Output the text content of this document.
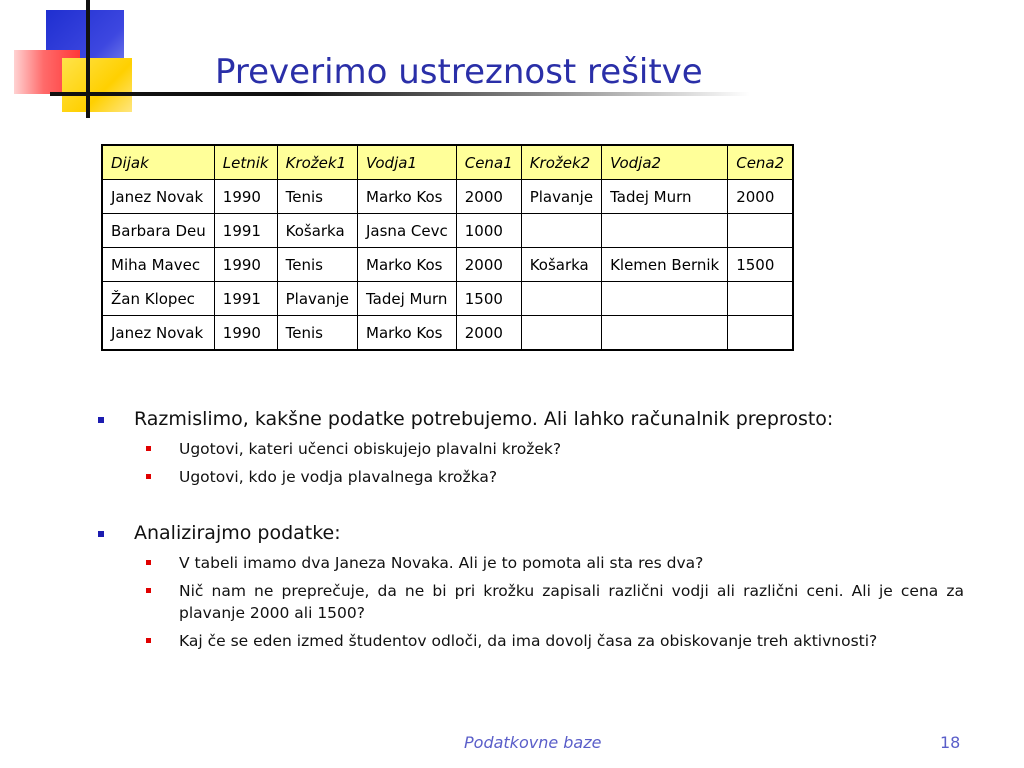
Preverimo ustreznost rešitve
Dijak	Letnik	Krožek1	Vodja1	Cena1	Krožek2	Vodja2	Cena2
Janez Novak	1990	Tenis	Marko Kos	2000	Plavanje	Tadej Murn	2000
Barbara Deu	1991	Košarka	Jasna Cevc	1000			
Miha Mavec	1990	Tenis	Marko Kos	2000	Košarka	Klemen Bernik	1500
Žan Klopec	1991	Plavanje	Tadej Murn	1500			
Janez Novak	1990	Tenis	Marko Kos	2000			
Razmislimo, kakšne podatke potrebujemo. Ali lahko računalnik preprosto:
Ugotovi, kateri učenci obiskujejo plavalni krožek?
Ugotovi, kdo je vodja plavalnega krožka?
Analizirajmo podatke:
V tabeli imamo dva Janeza Novaka. Ali je to pomota ali sta res dva?
Nič nam ne preprečuje, da ne bi pri krožku zapisali različni vodji ali različni ceni. Ali je cena za plavanje 2000 ali 1500?
Kaj če se eden izmed študentov odloči, da ima dovolj časa za obiskovanje treh aktivnosti?
Podatkovne baze	18
